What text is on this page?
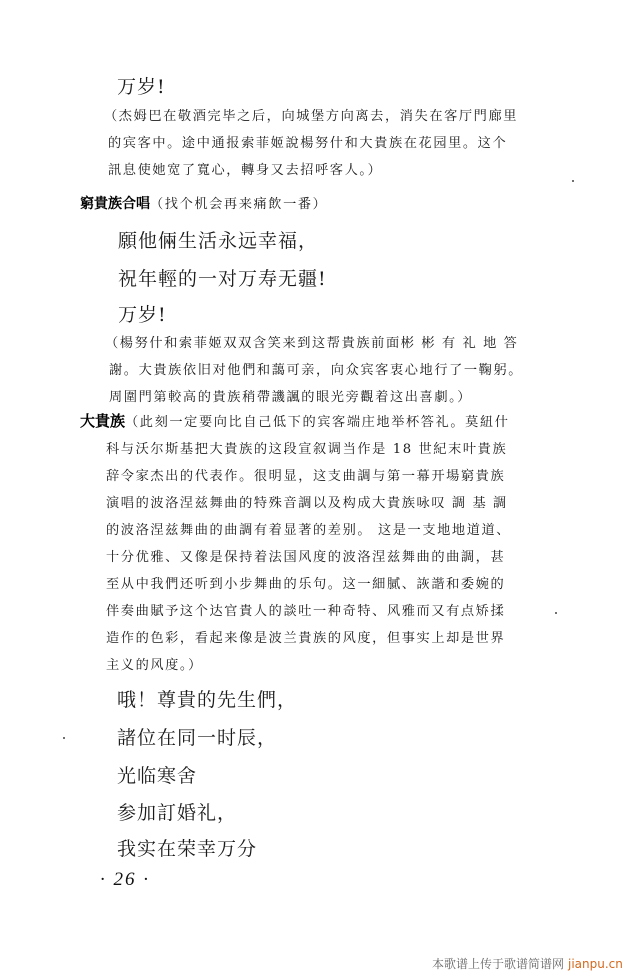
万岁!
（杰姆巴在敬酒完毕之后，向城堡方向离去，消失在客厅門廊里
的宾客中。途中通报索菲姬說楊努什和大貴族在花园里。这个
訊息使她宽了寬心，轉身又去招呼客人。）
窮貴族合唱（找个机会再来痛飲一番）
願他倆生活永远幸福，
祝年輕的一对万寿无疆!
万岁!
（楊努什和索菲姬双双含笑来到这帮貴族前面彬 彬 有 礼 地 答
謝。大貴族依旧对他們和藹可亲，向众宾客衷心地行了一鞠躬。
周圍門第較高的貴族稍帶譏諷的眼光旁觀着这出喜劇。）
大貴族（此刻一定要向比自己低下的宾客端庄地举杯答礼。莫紐什
科与沃尔斯基把大貴族的这段宣叙调当作是 18 世紀末叶貴族
辞令家杰出的代表作。很明显，这支曲調与第一幕开場窮貴族
演唱的波洛涅兹舞曲的特殊音調以及构成大貴族咏叹 調 基 調
的波洛涅兹舞曲的曲調有着显著的差别。 这是一支地地道道、
十分优雅、又像是保持着法国风度的波洛涅兹舞曲的曲調，甚
至从中我們还听到小步舞曲的乐句。这一細膩、詼諧和委婉的
伴奏曲賦予这个达官貴人的談吐一种奇特、风雅而又有点矫揉
造作的色彩，看起来像是波兰貴族的风度，但事实上却是世界
主义的风度。）
哦！尊貴的先生們，
諸位在同一时辰，
光临寒舍
参加訂婚礼，
我实在荣幸万分
· 26 ·
本歌谱上传于歌谱简谱网 jianpu.cn
